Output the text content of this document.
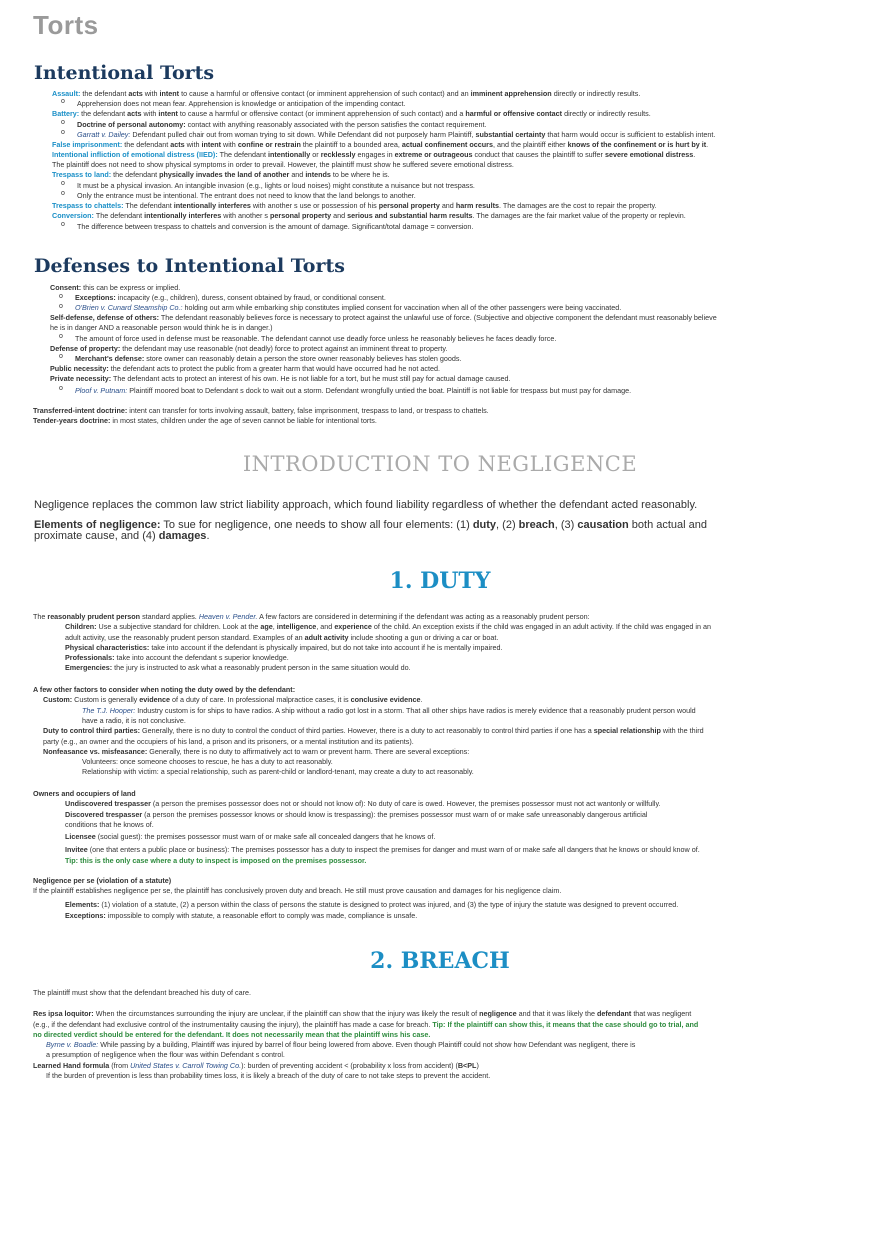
Torts
Intentional Torts
Assault: the defendant acts with intent to cause a harmful or offensive contact (or imminent apprehension of such contact) and an imminent apprehension directly or indirectly results.
o Apprehension does not mean fear. Apprehension is knowledge or anticipation of the impending contact.
Battery: the defendant acts with intent to cause a harmful or offensive contact (or imminent apprehension of such contact) and a harmful or offensive contact directly or indirectly results.
o Doctrine of personal autonomy: contact with anything reasonably associated with the person satisfies the contact requirement.
o Garratt v. Dailey: Defendant pulled chair out from woman trying to sit down. While Defendant did not purposely harm Plaintiff, substantial certainty that harm would occur is sufficient to establish intent.
False imprisonment: the defendant acts with intent with confine or restrain the plaintiff to a bounded area, actual confinement occurs, and the plaintiff either knows of the confinement or is hurt by it.
Intentional infliction of emotional distress (IIED): The defendant intentionally or recklessly engages in extreme or outrageous conduct that causes the plaintiff to suffer severe emotional distress.
The plaintiff does not need to show physical symptoms in order to prevail. However, the plaintiff must show he suffered severe emotional distress.
Trespass to land: the defendant physically invades the land of another and intends to be where he is.
o It must be a physical invasion. An intangible invasion (e.g., lights or loud noises) might constitute a nuisance but not trespass.
o Only the entrance must be intentional. The entrant does not need to know that the land belongs to another.
Trespass to chattels: The defendant intentionally interferes with another s use or possession of his personal property and harm results. The damages are the cost to repair the property.
Conversion: The defendant intentionally interferes with another s personal property and serious and substantial harm results. The damages are the fair market value of the property or replevin.
o The difference between trespass to chattels and conversion is the amount of damage. Significant/total damage = conversion.
Defenses to Intentional Torts
Consent: this can be express or implied.
o Exceptions: incapacity (e.g., children), duress, consent obtained by fraud, or conditional consent.
o O'Brien v. Cunard Steamship Co.: holding out arm while embarking ship constitutes implied consent for vaccination when all of the other passengers were being vaccinated.
Self-defense, defense of others: The defendant reasonably believes force is necessary to protect against the unlawful use of force. (Subjective and objective component the defendant must reasonably believe
he is in danger AND a reasonable person would think he is in danger.)
o The amount of force used in defense must be reasonable. The defendant cannot use deadly force unless he reasonably believes he faces deadly force.
Defense of property: the defendant may use reasonable (not deadly) force to protect against an imminent threat to property.
o Merchant's defense: store owner can reasonably detain a person the store owner reasonably believes has stolen goods.
Public necessity: the defendant acts to protect the public from a greater harm that would have occurred had he not acted.
Private necessity: The defendant acts to protect an interest of his own. He is not liable for a tort, but he must still pay for actual damage caused.
o Ploof v. Putnam: Plaintiff moored boat to Defendant s dock to wait out a storm. Defendant wrongfully untied the boat. Plaintiff is not liable for trespass but must pay for damage.
Transferred-intent doctrine: intent can transfer for torts involving assault, battery, false imprisonment, trespass to land, or trespass to chattels.
Tender-years doctrine: in most states, children under the age of seven cannot be liable for intentional torts.
INTRODUCTION TO NEGLIGENCE
Negligence replaces the common law strict liability approach, which found liability regardless of whether the defendant acted reasonably.
Elements of negligence: To sue for negligence, one needs to show all four elements: (1) duty, (2) breach, (3) causation both actual and
proximate cause, and (4) damages.
1. DUTY
The reasonably prudent person standard applies. Heaven v. Pender. A few factors are considered in determining if the defendant was acting as a reasonably prudent person:
Children: Use a subjective standard for children. Look at the age, intelligence, and experience of the child. An exception exists if the child was engaged in an adult activity. If the child was engaged in an
adult activity, use the reasonably prudent person standard. Examples of an adult activity include shooting a gun or driving a car or boat.
Physical characteristics: take into account if the defendant is physically impaired, but do not take into account if he is mentally impaired.
Professionals: take into account the defendant s superior knowledge.
Emergencies: the jury is instructed to ask what a reasonably prudent person in the same situation would do.
A few other factors to consider when noting the duty owed by the defendant:
Custom: Custom is generally evidence of a duty of care. In professional malpractice cases, it is conclusive evidence.
The T.J. Hooper: Industry custom is for ships to have radios. A ship without a radio got lost in a storm. That all other ships have radios is merely evidence that a reasonably prudent person would
have a radio, it is not conclusive.
Duty to control third parties: Generally, there is no duty to control the conduct of third parties. However, there is a duty to act reasonably to control third parties if one has a special relationship with the third
party (e.g., an owner and the occupiers of his land, a prison and its prisoners, or a mental institution and its patients).
Nonfeasance vs. misfeasance: Generally, there is no duty to affirmatively act to warn or prevent harm. There are several exceptions:
Volunteers: once someone chooses to rescue, he has a duty to act reasonably.
Relationship with victim: a special relationship, such as parent-child or landlord-tenant, may create a duty to act reasonably.
Owners and occupiers of land
Undiscovered trespasser (a person the premises possessor does not or should not know of): No duty of care is owed. However, the premises possessor must not act wantonly or willfully.
Discovered trespasser (a person the premises possessor knows or should know is trespassing): the premises possessor must warn of or make safe unreasonably dangerous artificial
conditions that he knows of.
Licensee (social guest): the premises possessor must warn of or make safe all concealed dangers that he knows of.
Invitee (one that enters a public place or business): The premises possessor has a duty to inspect the premises for danger and must warn of or make safe all dangers that he knows or should know of.
Tip: this is the only case where a duty to inspect is imposed on the premises possessor.
Negligence per se (violation of a statute)
If the plaintiff establishes negligence per se, the plaintiff has conclusively proven duty and breach. He still must prove causation and damages for his negligence claim.
Elements: (1) violation of a statute, (2) a person within the class of persons the statute is designed to protect was injured, and (3) the type of injury the statute was designed to prevent occurred.
Exceptions: impossible to comply with statute, a reasonable effort to comply was made, compliance is unsafe.
2. BREACH
The plaintiff must show that the defendant breached his duty of care.
Res ipsa loquitor: When the circumstances surrounding the injury are unclear, if the plaintiff can show that the injury was likely the result of negligence and that it was likely the defendant that was negligent
(e.g., if the defendant had exclusive control of the instrumentality causing the injury), the plaintiff has made a case for breach. Tip: If the plaintiff can show this, it means that the case should go to trial, and
no directed verdict should be entered for the defendant. It does not necessarily mean that the plaintiff wins his case.
Byrne v. Boadle: While passing by a building, Plaintiff was injured by barrel of flour being lowered from above. Even though Plaintiff could not show how Defendant was negligent, there is
a presumption of negligence when the flour was within Defendant s control.
Learned Hand formula (from United States v. Carroll Towing Co.): burden of preventing accident < (probability x loss from accident) (B<PL)
If the burden of prevention is less than probability times loss, it is likely a breach of the duty of care to not take steps to prevent the accident.
